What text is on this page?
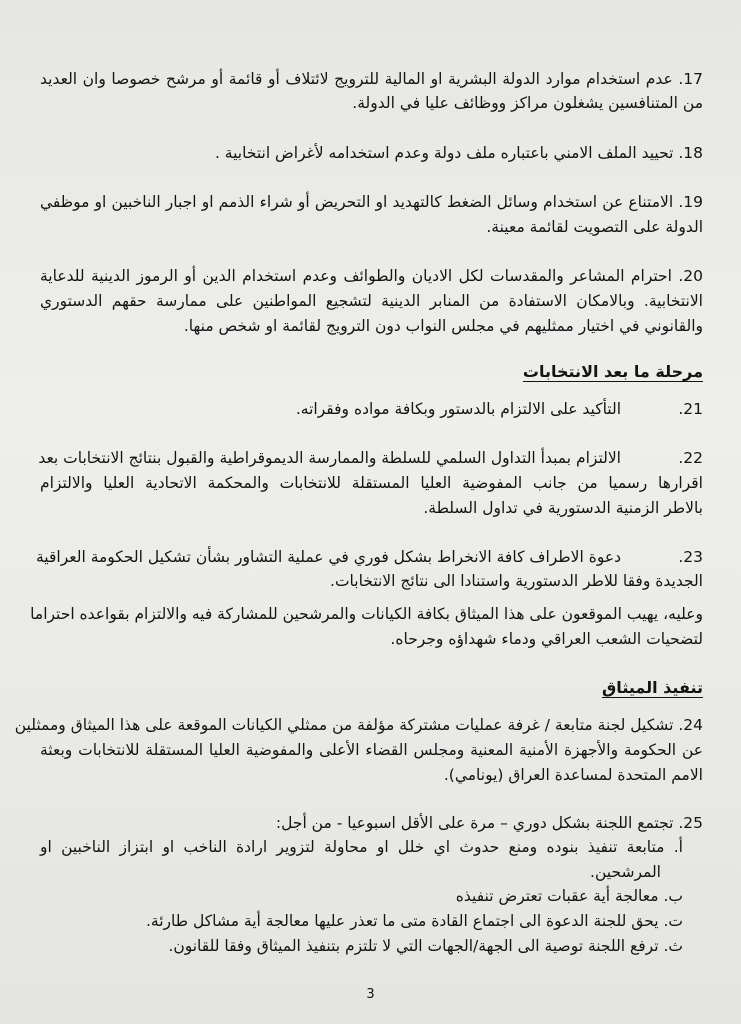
17. عدم استخدام موارد الدولة البشرية او المالية للترويج لائتلاف أو قائمة أو مرشح خصوصا وان العديد
من المتنافسين يشغلون مراكز ووظائف عليا في الدولة.
18. تحييد الملف الامني باعتباره ملف دولة وعدم استخدامه لأغراض انتخابية .
19. الامتناع عن استخدام وسائل الضغط كالتهديد او التحريض أو شراء الذمم او اجبار الناخبين او موظفي
الدولة على التصويت لقائمة معينة.
20. احترام المشاعر والمقدسات لكل الاديان والطوائف وعدم استخدام الدين أو الرموز الدينية للدعاية
الانتخابية. وبالامكان الاستفادة من المنابر الدينية لتشجيع المواطنين على ممارسة حقهم الدستوري
والقانوني في اختيار ممثليهم في مجلس النواب دون الترويج لقائمة او شخص منها.
مرحلة ما بعد الانتخابات
.21
التأكيد على الالتزام بالدستور وبكافة مواده وفقراته.
.22
الالتزام بمبدأ التداول السلمي للسلطة والممارسة الديموقراطية والقبول بنتائج الانتخابات بعد
اقرارها رسميا من جانب المفوضية العليا المستقلة للانتخابات والمحكمة الاتحادية العليا والالتزام
بالاطر الزمنية الدستورية في تداول السلطة.
.23
دعوة الاطراف كافة الانخراط بشكل فوري في عملية التشاور بشأن تشكيل الحكومة العراقية
الجديدة وفقا للاطر الدستورية واستنادا الى نتائج الانتخابات.
وعليه، يهيب الموقعون على هذا الميثاق بكافة الكيانات والمرشحين للمشاركة فيه والالتزام بقواعده احتراما
لتضحيات الشعب العراقي ودماء شهداؤه وجرحاه.
تنفيذ الميثاق
24. تشكيل لجنة متابعة / غرفة عمليات مشتركة مؤلفة من ممثلي الكيانات الموقعة على هذا الميثاق وممثلين
عن الحكومة والأجهزة الأمنية المعنية ومجلس القضاء الأعلى والمفوضية العليا المستقلة للانتخابات وبعثة
الامم المتحدة لمساعدة العراق (يونامي).
25. تجتمع اللجنة بشكل دوري – مرة على الأقل اسبوعيا - من أجل:
أ. متابعة تنفيذ بنوده ومنع حدوث اي خلل او محاولة لتزوير ارادة الناخب او ابتزاز الناخبين او
المرشحين.
ب. معالجة أية عقبات تعترض تنفيذه
ت. يحق للجنة الدعوة الى اجتماع القادة متى ما تعذر عليها معالجة أية مشاكل طارئة.
ث. ترفع اللجنة توصية الى الجهة/الجهات التي لا تلتزم بتنفيذ الميثاق وفقا للقانون.
3
